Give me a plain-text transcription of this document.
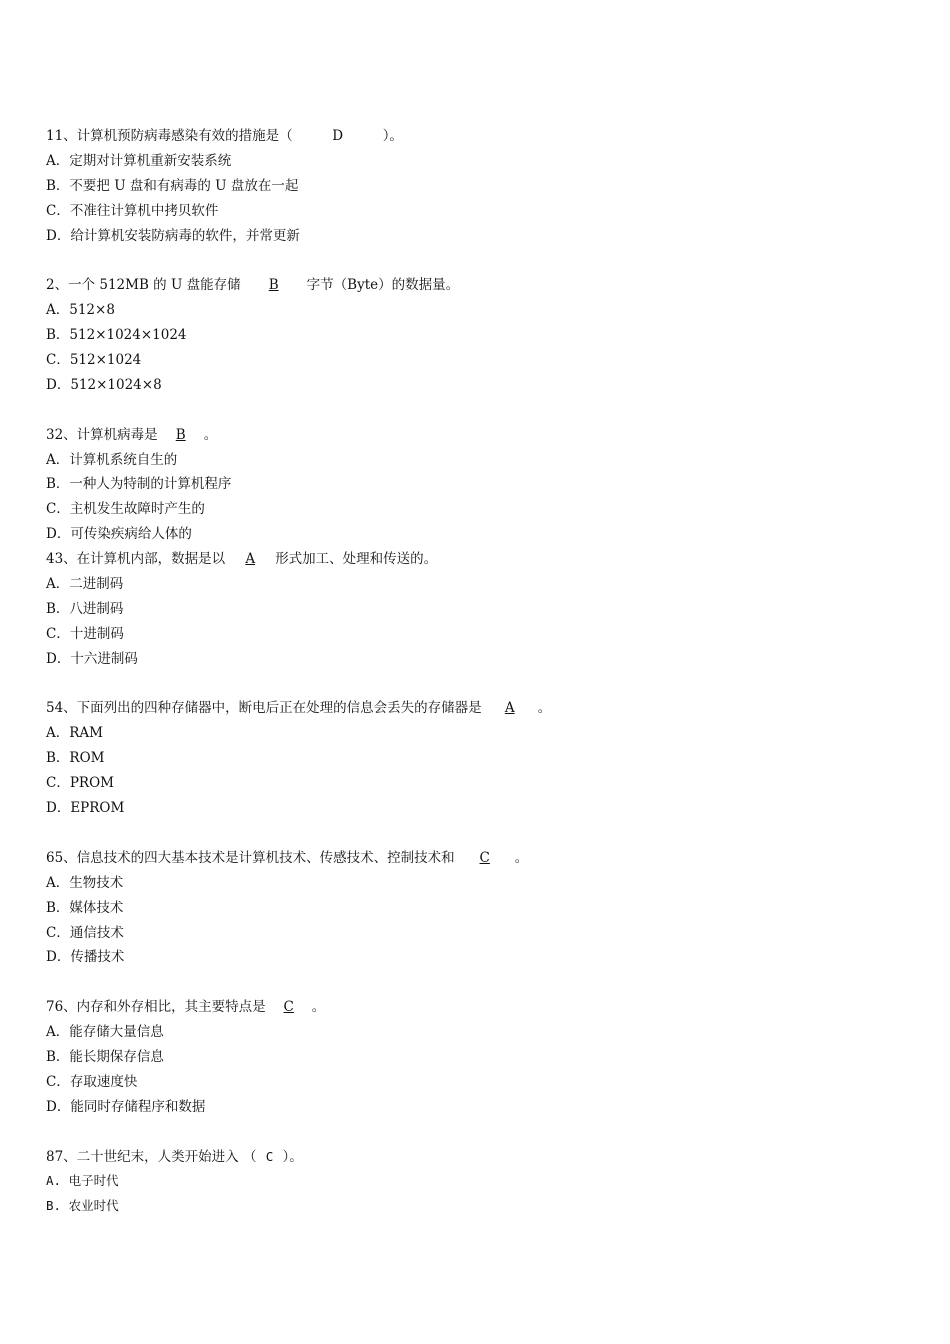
11、计算机预防病毒感染有效的措施是（	D	）。
A．定期对计算机重新安装系统
B．不要把 U 盘和有病毒的 U 盘放在一起
C．不准往计算机中拷贝软件
D．给计算机安装防病毒的软件，并常更新
2、一个 512MB 的 U 盘能存储 B 字节（Byte）的数据量。
A．512×8
B．512×1024×1024
C．512×1024
D．512×1024×8
32、计算机病毒是 B 。
A．计算机系统自生的
B．一种人为特制的计算机程序
C．主机发生故障时产生的
D．可传染疾病给人体的
43、在计算机内部，数据是以 A 形式加工、处理和传送的。
A．二进制码
B．八进制码
C．十进制码
D．十六进制码
54、下面列出的四种存储器中，断电后正在处理的信息会丢失的存储器是 A 。
A．RAM
B．ROM
C．PROM
D．EPROM
65、信息技术的四大基本技术是计算机技术、传感技术、控制技术和 C 。
A．生物技术
B．媒体技术
C．通信技术
D．传播技术
76、内存和外存相比，其主要特点是 C 。
A．能存储大量信息
B．能长期保存信息
C．存取速度快
D．能同时存储程序和数据
87、二十世纪末，人类开始进入 （ C ）。
A. 电子时代
B. 农业时代
